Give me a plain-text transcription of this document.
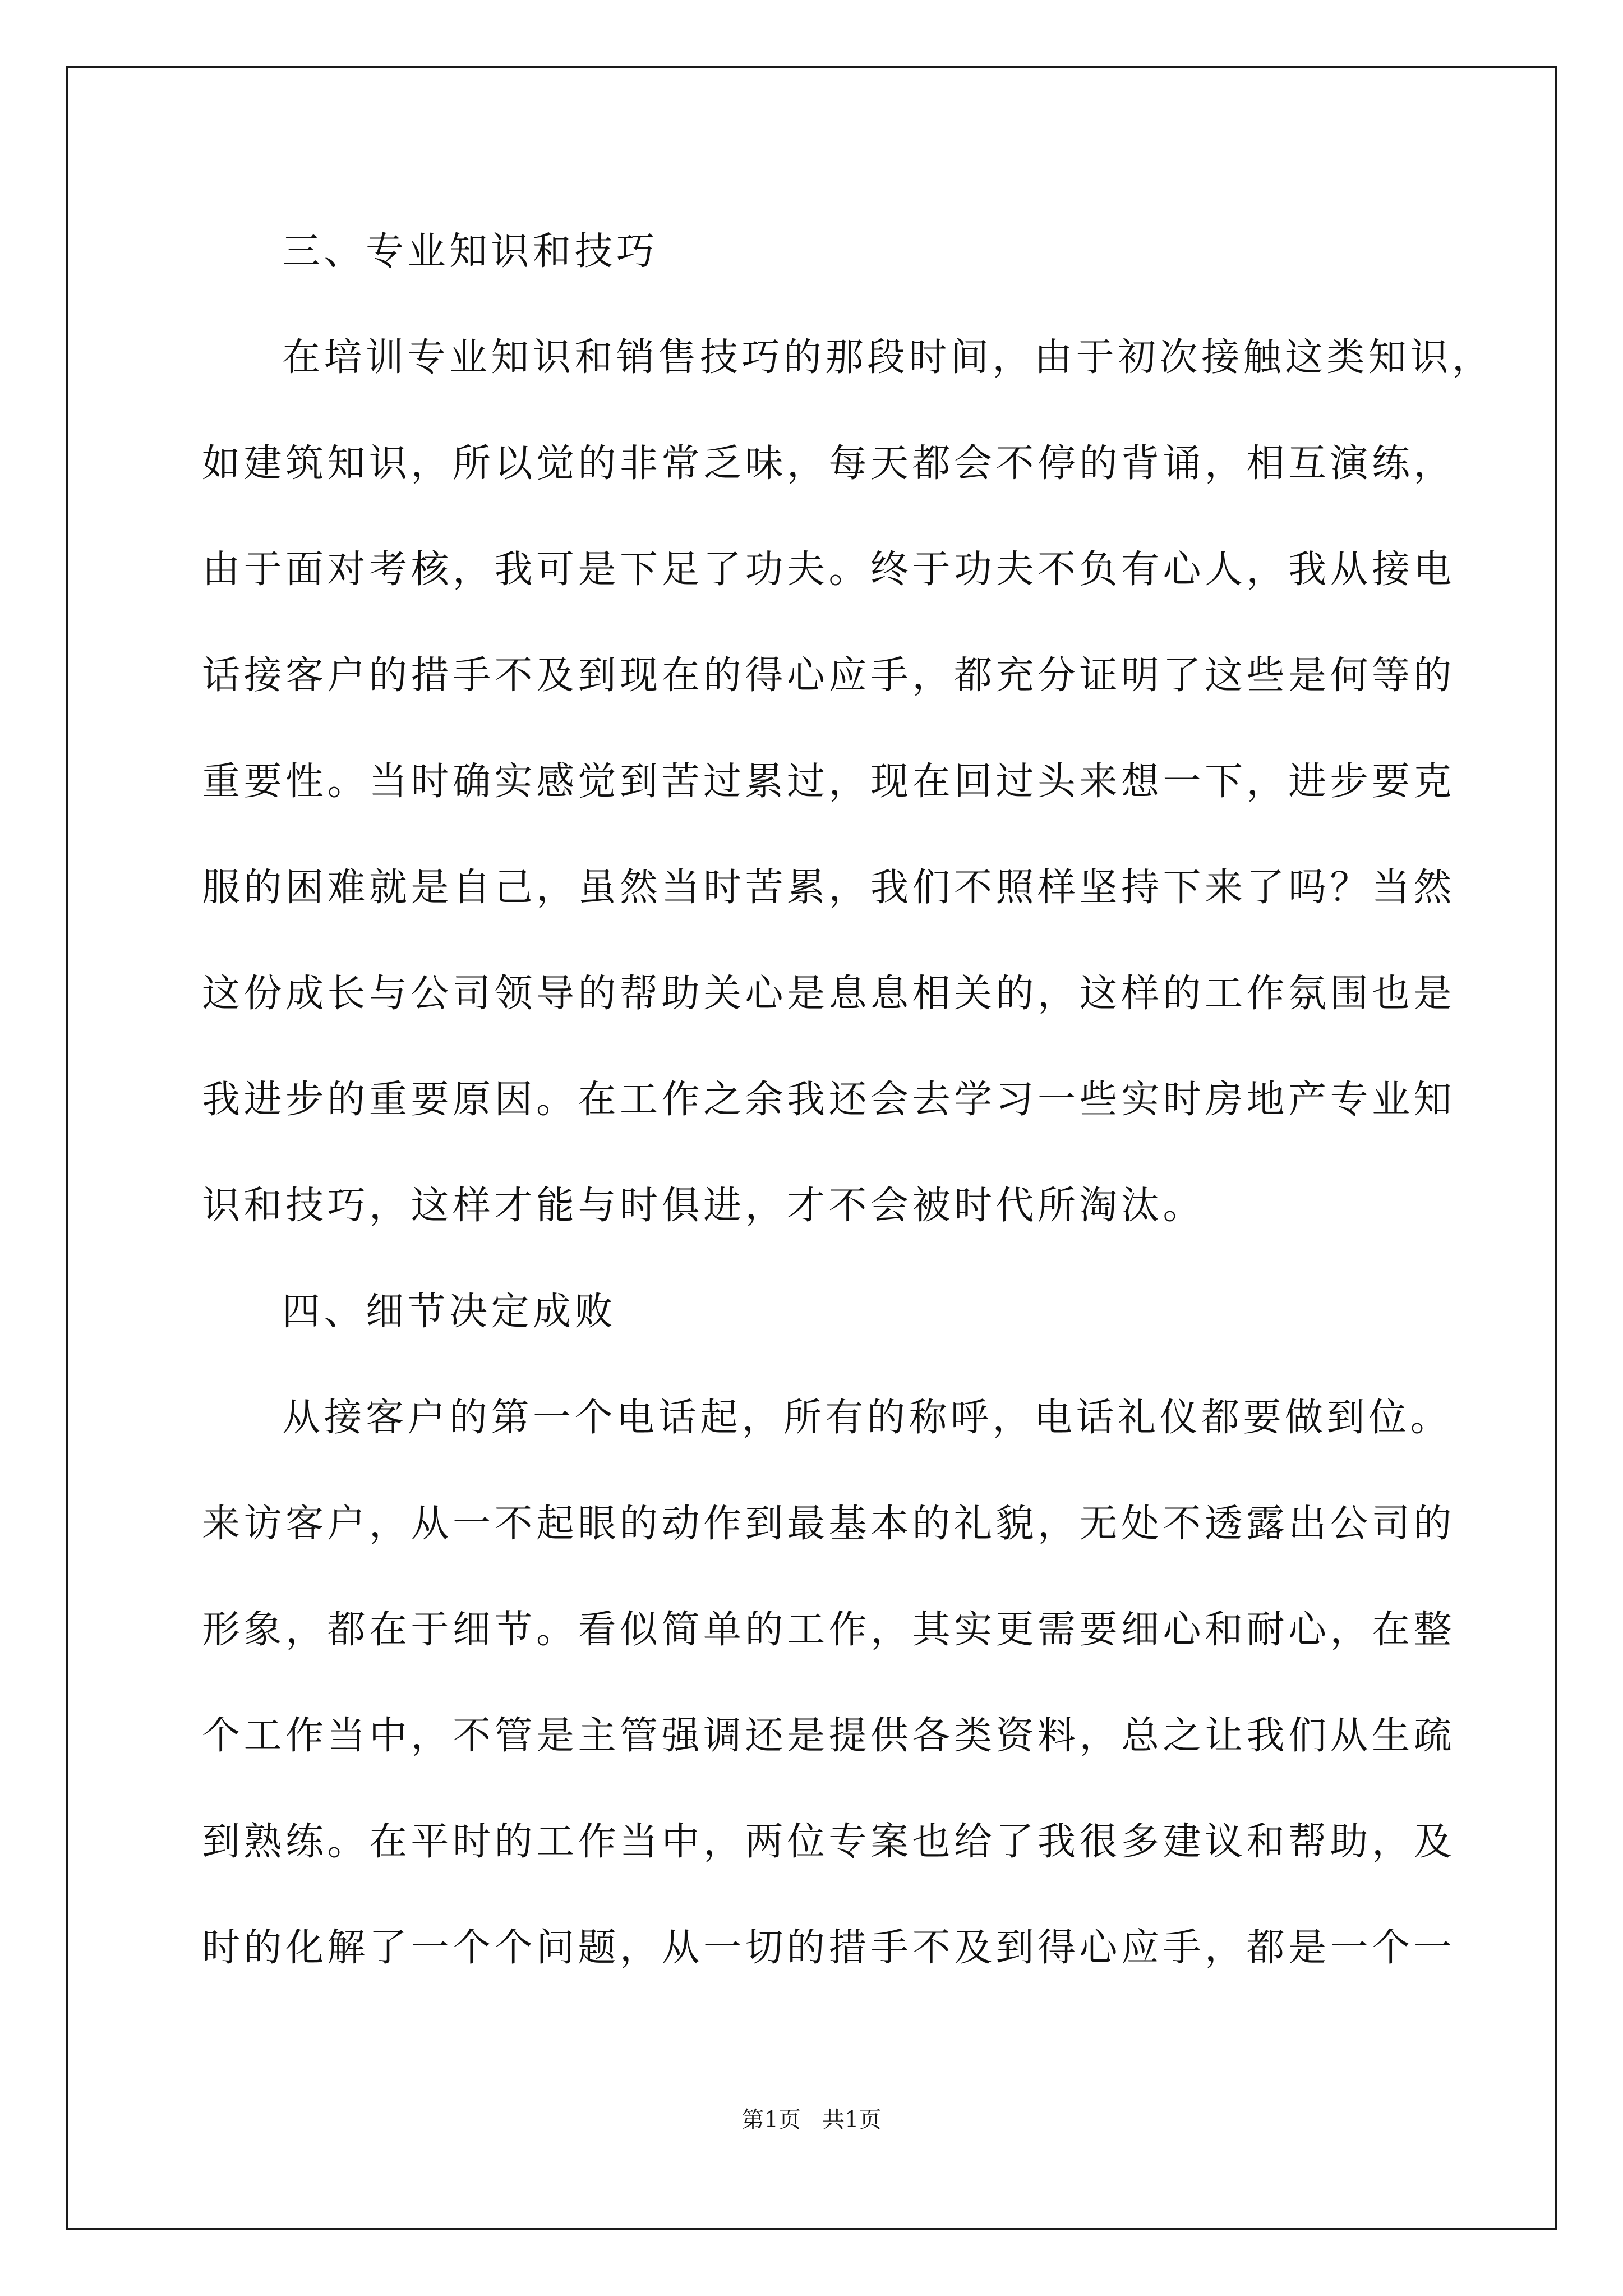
三、专业知识和技巧
在培训专业知识和销售技巧的那段时间，由于初次接触这类知识，
如建筑知识，所以觉的非常乏味，每天都会不停的背诵，相互演练，
由于面对考核，我可是下足了功夫。终于功夫不负有心人，我从接电
话接客户的措手不及到现在的得心应手，都充分证明了这些是何等的
重要性。当时确实感觉到苦过累过，现在回过头来想一下，进步要克
服的困难就是自己，虽然当时苦累，我们不照样坚持下来了吗？当然
这份成长与公司领导的帮助关心是息息相关的，这样的工作氛围也是
我进步的重要原因。在工作之余我还会去学习一些实时房地产专业知
识和技巧，这样才能与时俱进，才不会被时代所淘汰。
四、细节决定成败
从接客户的第一个电话起，所有的称呼，电话礼仪都要做到位。
来访客户，从一不起眼的动作到最基本的礼貌，无处不透露出公司的
形象，都在于细节。看似简单的工作，其实更需要细心和耐心，在整
个工作当中，不管是主管强调还是提供各类资料，总之让我们从生疏
到熟练。在平时的工作当中，两位专案也给了我很多建议和帮助，及
时的化解了一个个问题，从一切的措手不及到得心应手，都是一个一
第1页   共1页
